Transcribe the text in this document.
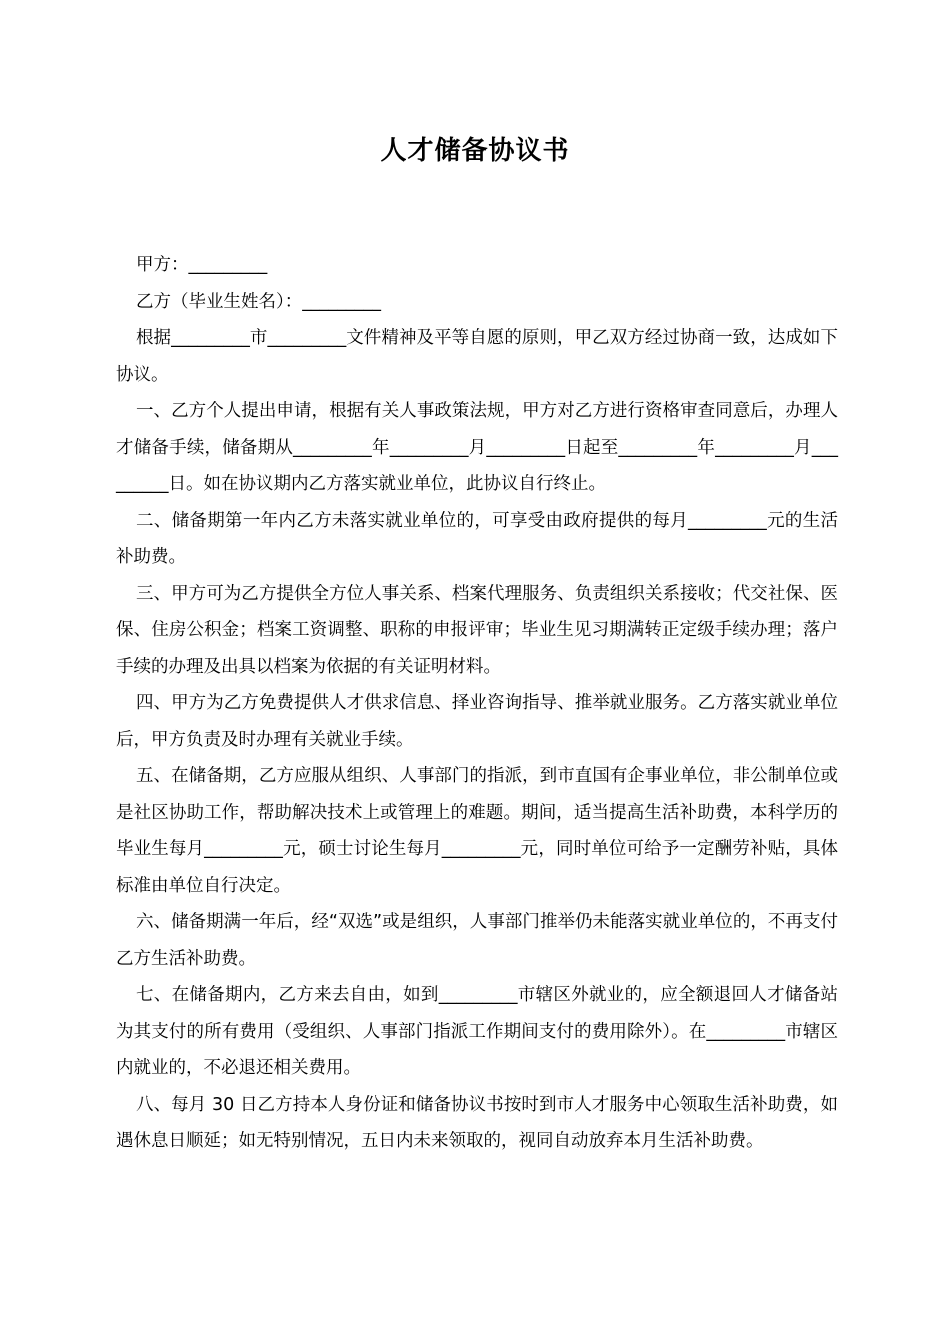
人才储备协议书

甲方：_________

乙方（毕业生姓名）：_________

根据_________市_________文件精神及平等自愿的原则，甲乙双方经过协商一致，达成如下协议。

一、乙方个人提出申请，根据有关人事政策法规，甲方对乙方进行资格审查同意后，办理人才储备手续，储备期从_________年_________月_________日起至_________年_________月_________日。如在协议期内乙方落实就业单位，此协议自行终止。

二、储备期第一年内乙方未落实就业单位的，可享受由政府提供的每月_________元的生活补助费。

三、甲方可为乙方提供全方位人事关系、档案代理服务、负责组织关系接收；代交社保、医保、住房公积金；档案工资调整、职称的申报评审；毕业生见习期满转正定级手续办理；落户手续的办理及出具以档案为依据的有关证明材料。

四、甲方为乙方免费提供人才供求信息、择业咨询指导、推举就业服务。乙方落实就业单位后，甲方负责及时办理有关就业手续。

五、在储备期，乙方应服从组织、人事部门的指派，到市直国有企事业单位，非公制单位或是社区协助工作，帮助解决技术上或管理上的难题。期间，适当提高生活补助费，本科学历的毕业生每月_________元，硕士讨论生每月_________元，同时单位可给予一定酬劳补贴，具体标准由单位自行决定。

六、储备期满一年后，经“双选”或是组织，人事部门推举仍未能落实就业单位的，不再支付乙方生活补助费。

七、在储备期内，乙方来去自由，如到_________市辖区外就业的，应全额退回人才储备站为其支付的所有费用（受组织、人事部门指派工作期间支付的费用除外）。在_________市辖区内就业的，不必退还相关费用。

八、每月 30 日乙方持本人身份证和储备协议书按时到市人才服务中心领取生活补助费，如遇休息日顺延；如无特别情况，五日内未来领取的，视同自动放弃本月生活补助费。
